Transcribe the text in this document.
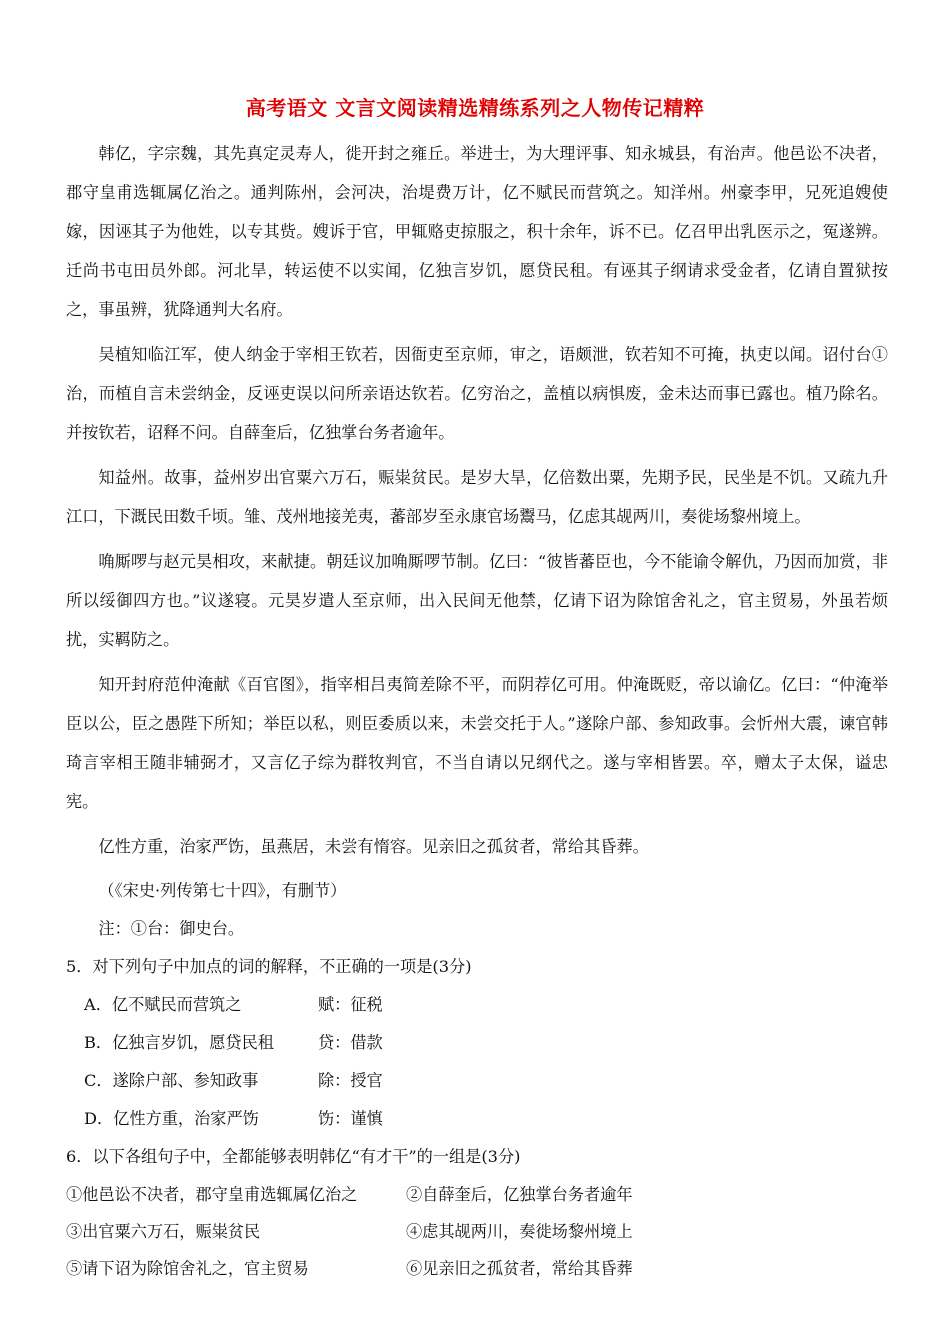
高考语文 文言文阅读精选精练系列之人物传记精粹

韩亿，字宗魏，其先真定灵寿人，徙开封之雍丘。举进士，为大理评事、知永城县，有治声。他邑讼不决者，郡守皇甫选辄属亿治之。通判陈州，会河决，治堤费万计，亿不赋民而营筑之。知洋州。州豪李甲，兄死追嫂使嫁，因诬其子为他姓，以专其赀。嫂诉于官，甲辄赂吏掠服之，积十余年，诉不已。亿召甲出乳医示之，冤遂辨。迁尚书屯田员外郎。河北旱，转运使不以实闻，亿独言岁饥，愿贷民租。有诬其子纲请求受金者，亿请自置狱按之，事虽辨，犹降通判大名府。

吴植知临江军，使人纳金于宰相王钦若，因衙吏至京师，审之，语颇泄，钦若知不可掩，执吏以闻。诏付台①治，而植自言未尝纳金，反诬吏误以问所亲语达钦若。亿穷治之，盖植以病惧废，金未达而事已露也。植乃除名。并按钦若，诏释不问。自薛奎后，亿独掌台务者逾年。

知益州。故事，益州岁出官粟六万石，赈粜贫民。是岁大旱，亿倍数出粟，先期予民，民坐是不饥。又疏九升江口，下溉民田数千顷。雏、茂州地接羌夷，蕃部岁至永康官场鬻马，亿虑其觇两川，奏徙场黎州境上。

唃厮啰与赵元昊相攻，来献捷。朝廷议加唃厮啰节制。亿曰：“彼皆蕃臣也，今不能谕令解仇，乃因而加赏，非所以绥御四方也。”议遂寝。元昊岁遣人至京师，出入民间无他禁，亿请下诏为除馆舍礼之，官主贸易，外虽若烦扰，实羁防之。

知开封府范仲淹献《百官图》，指宰相吕夷简差除不平，而阴荐亿可用。仲淹既贬，帝以谕亿。亿曰：“仲淹举臣以公，臣之愚陛下所知；举臣以私，则臣委质以来，未尝交托于人。”遂除户部、参知政事。会忻州大震，谏官韩琦言宰相王随非辅弼才，又言亿子综为群牧判官，不当自请以兄纲代之。遂与宰相皆罢。卒，赠太子太保，谥忠宪。

亿性方重，治家严饬，虽燕居，未尝有惰容。见亲旧之孤贫者，常给其昏葬。

（《宋史·列传第七十四》，有删节）

注：①台：御史台。

5．对下列句子中加点的词的解释，不正确的一项是(3分)

A．亿不赋民而营筑之	赋：征税
B．亿独言岁饥，愿贷民租	贷：借款
C．遂除户部、参知政事	除：授官
D．亿性方重，治家严饬	饬：谨慎

6．以下各组句子中，全都能够表明韩亿“有才干”的一组是(3分)

①他邑讼不决者，郡守皇甫选辄属亿治之	②自薛奎后，亿独掌台务者逾年
③出官粟六万石，赈粜贫民	④虑其觇两川，奏徙场黎州境上
⑤请下诏为除馆舍礼之，官主贸易	⑥见亲旧之孤贫者，常给其昏葬
